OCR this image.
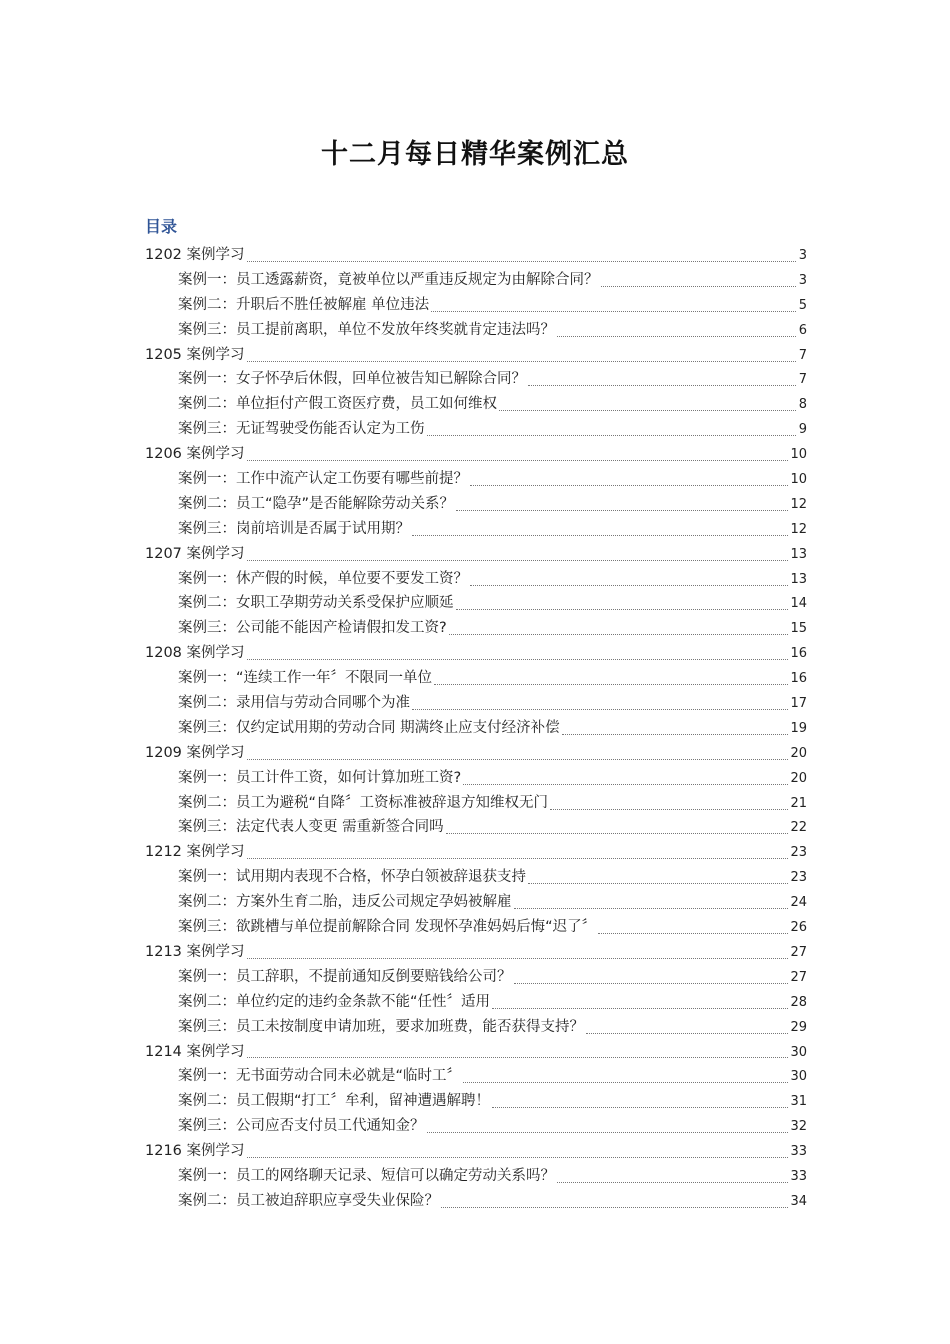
十二月每日精华案例汇总
目录
1202 案例学习	3
案例一：员工透露薪资，竟被单位以严重违反规定为由解除合同？	3
案例二：升职后不胜任被解雇 单位违法	5
案例三：员工提前离职，单位不发放年终奖就肯定违法吗？	6
1205 案例学习	7
案例一：女子怀孕后休假，回单位被告知已解除合同？	7
案例二：单位拒付产假工资医疗费，员工如何维权	8
案例三：无证驾驶受伤能否认定为工伤	9
1206 案例学习	10
案例一：工作中流产认定工伤要有哪些前提？	10
案例二：员工“隐孕”是否能解除劳动关系？	12
案例三：岗前培训是否属于试用期？	12
1207 案例学习	13
案例一：休产假的时候，单位要不要发工资？	13
案例二：女职工孕期劳动关系受保护应顺延	14
案例三：公司能不能因产检请假扣发工资?	15
1208 案例学习	16
案例一：“连续工作一年〞不限同一单位	16
案例二：录用信与劳动合同哪个为准	17
案例三：仅约定试用期的劳动合同 期满终止应支付经济补偿	19
1209 案例学习	20
案例一：员工计件工资，如何计算加班工资?	20
案例二：员工为避税“自降〞工资标准被辞退方知维权无门	21
案例三：法定代表人变更 需重新签合同吗	22
1212 案例学习	23
案例一：试用期内表现不合格，怀孕白领被辞退获支持	23
案例二：方案外生育二胎，违反公司规定孕妈被解雇	24
案例三：欲跳槽与单位提前解除合同 发现怀孕准妈妈后悔“迟了〞	26
1213 案例学习	27
案例一：员工辞职，不提前通知反倒要赔钱给公司？	27
案例二：单位约定的违约金条款不能“任性〞适用	28
案例三：员工未按制度申请加班，要求加班费，能否获得支持？	29
1214 案例学习	30
案例一：无书面劳动合同未必就是“临时工〞	30
案例二：员工假期“打工〞牟利，留神遭遇解聘！	31
案例三：公司应否支付员工代通知金？	32
1216 案例学习	33
案例一：员工的网络聊天记录、短信可以确定劳动关系吗？	33
案例二：员工被迫辞职应享受失业保险？	34
